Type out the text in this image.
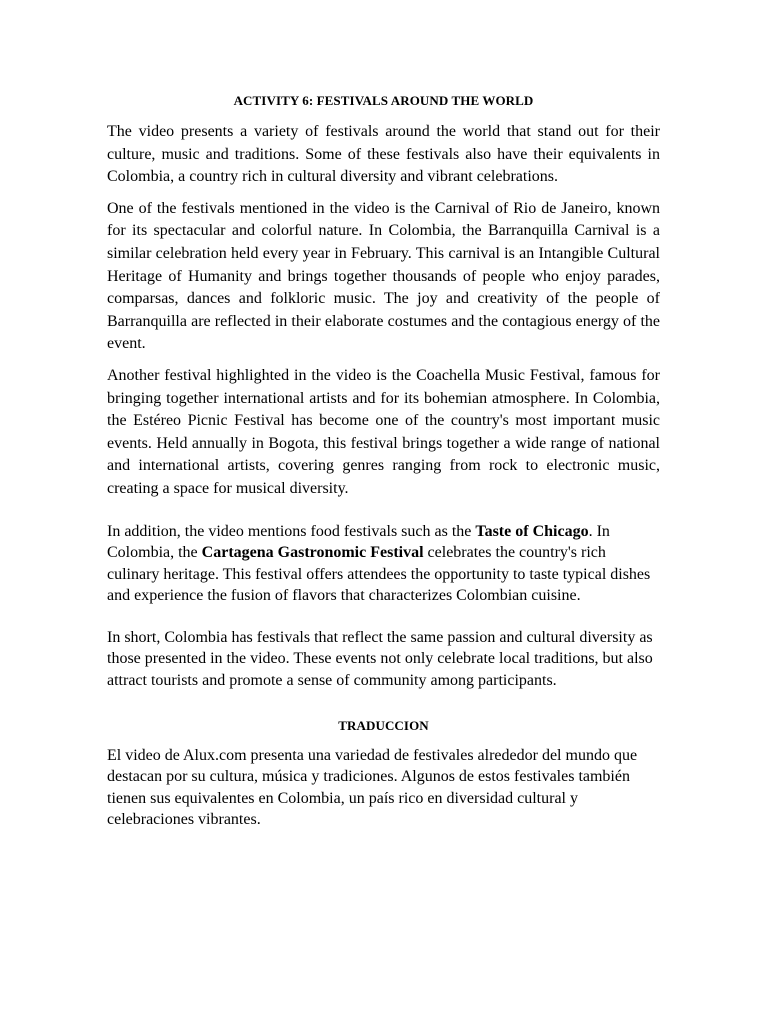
ACTIVITY 6: FESTIVALS AROUND THE WORLD

The video presents a variety of festivals around the world that stand out for their culture, music and traditions. Some of these festivals also have their equivalents in Colombia, a country rich in cultural diversity and vibrant celebrations.

One of the festivals mentioned in the video is the Carnival of Rio de Janeiro, known for its spectacular and colorful nature. In Colombia, the Barranquilla Carnival is a similar celebration held every year in February. This carnival is an Intangible Cultural Heritage of Humanity and brings together thousands of people who enjoy parades, comparsas, dances and folkloric music. The joy and creativity of the people of Barranquilla are reflected in their elaborate costumes and the contagious energy of the event.

Another festival highlighted in the video is the Coachella Music Festival, famous for bringing together international artists and for its bohemian atmosphere. In Colombia, the Estéreo Picnic Festival has become one of the country's most important music events. Held annually in Bogota, this festival brings together a wide range of national and international artists, covering genres ranging from rock to electronic music, creating a space for musical diversity.

In addition, the video mentions food festivals such as the Taste of Chicago. In Colombia, the Cartagena Gastronomic Festival celebrates the country's rich culinary heritage. This festival offers attendees the opportunity to taste typical dishes and experience the fusion of flavors that characterizes Colombian cuisine.

In short, Colombia has festivals that reflect the same passion and cultural diversity as those presented in the video. These events not only celebrate local traditions, but also attract tourists and promote a sense of community among participants.

TRADUCCION

El video de Alux.com presenta una variedad de festivales alrededor del mundo que destacan por su cultura, música y tradiciones. Algunos de estos festivales también tienen sus equivalentes en Colombia, un país rico en diversidad cultural y celebraciones vibrantes.
